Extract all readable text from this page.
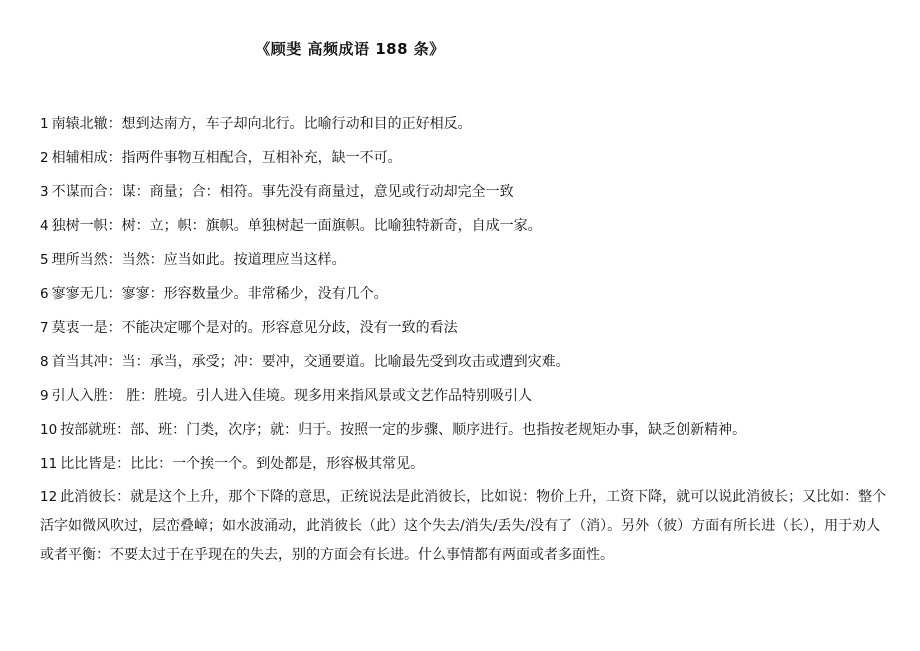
《顾斐 高频成语 188 条》
1 南辕北辙：想到达南方，车子却向北行。比喻行动和目的正好相反。
2 相辅相成：指两件事物互相配合，互相补充，缺一不可。
3 不谋而合：谋：商量；合：相符。事先没有商量过，意见或行动却完全一致
4 独树一帜：树：立；帜：旗帜。单独树起一面旗帜。比喻独特新奇，自成一家。
5 理所当然：当然：应当如此。按道理应当这样。
6 寥寥无几：寥寥：形容数量少。非常稀少，没有几个。
7 莫衷一是：不能决定哪个是对的。形容意见分歧，没有一致的看法
8 首当其冲：当：承当，承受；冲：要冲，交通要道。比喻最先受到攻击或遭到灾难。
9 引人入胜： 胜：胜境。引人进入佳境。现多用来指风景或文艺作品特别吸引人
10 按部就班：部、班：门类，次序；就：归于。按照一定的步骤、顺序进行。也指按老规矩办事，缺乏创新精神。
11 比比皆是：比比：一个挨一个。到处都是，形容极其常见。
12 此消彼长：就是这个上升，那个下降的意思，正统说法是此消彼长，比如说：物价上升，工资下降，就可以说此消彼长；又比如：整个活字如微风吹过，层峦叠嶂；如水波涌动，此消彼长（此）这个失去/消失/丢失/没有了（消）。另外（彼）方面有所长进（长），用于劝人或者平衡：不要太过于在乎现在的失去，别的方面会有长进。什么事情都有两面或者多面性。
